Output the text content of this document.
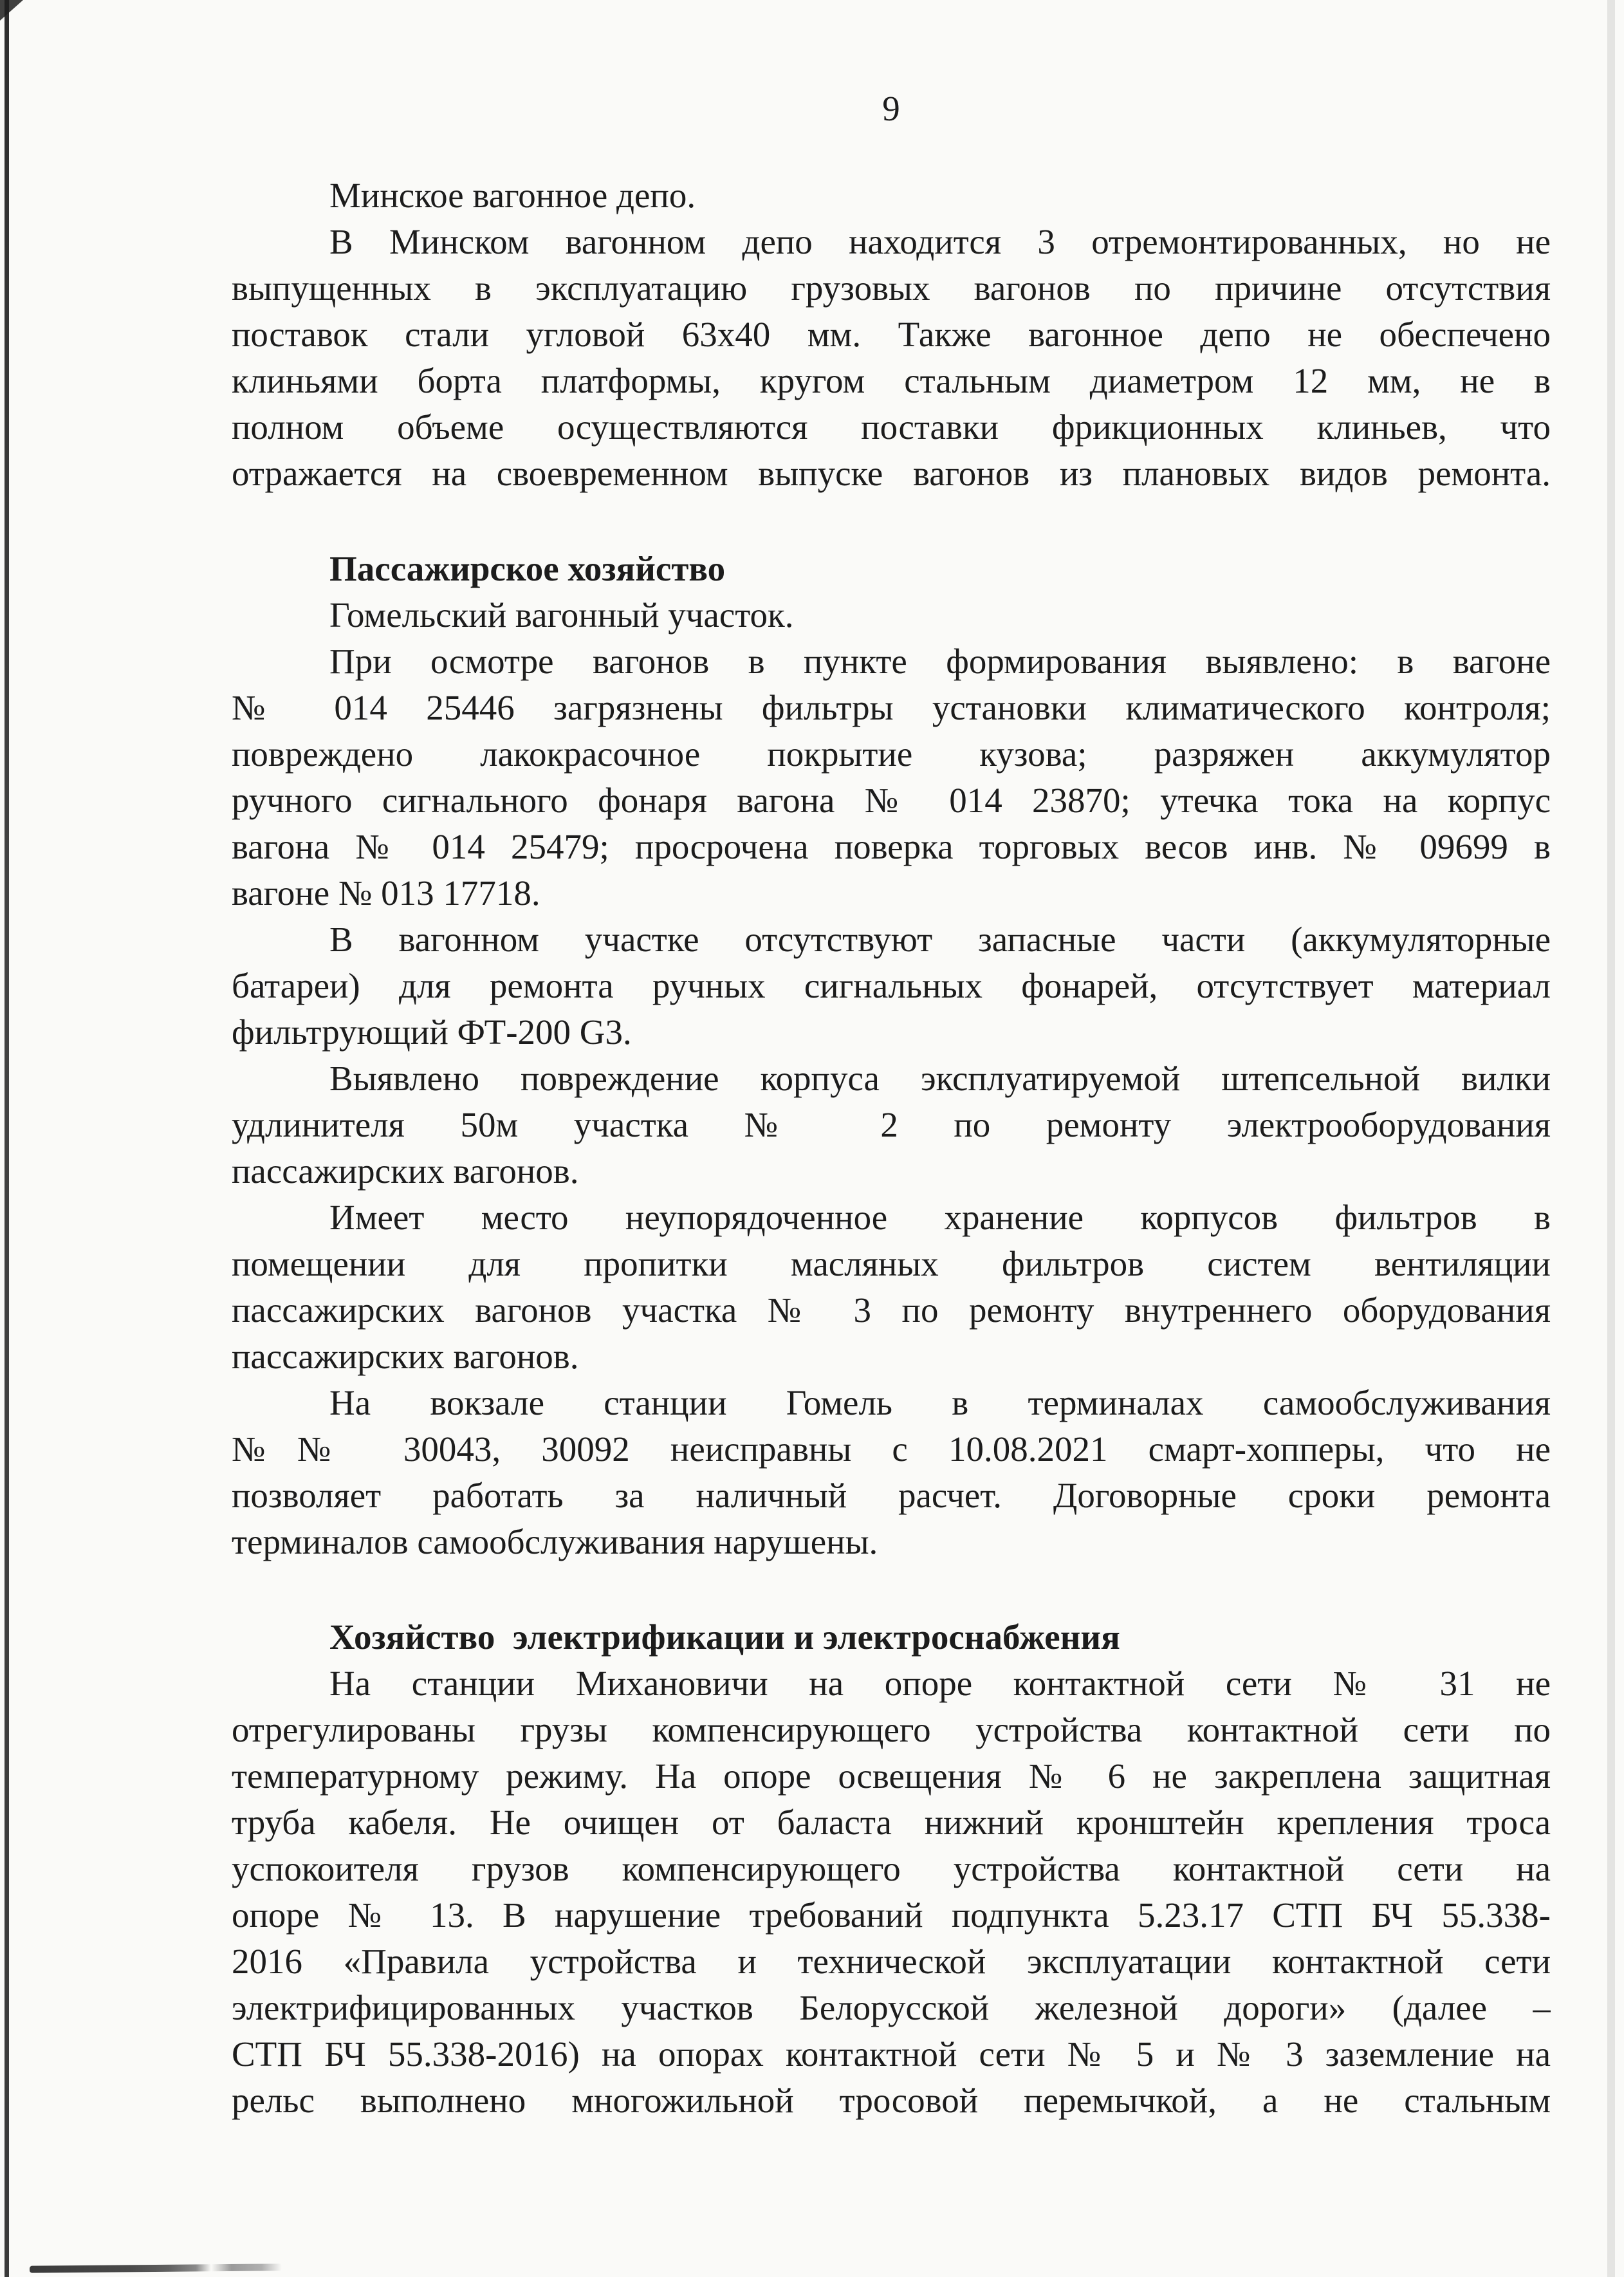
9
Минское вагонное депо.
В Минском вагонном депо находится 3 отремонтированных, но не
выпущенных в эксплуатацию грузовых вагонов по причине отсутствия
поставок стали угловой 63х40 мм. Также вагонное депо не обеспечено
клиньями борта платформы, кругом стальным диаметром 12 мм, не в
полном объеме осуществляются поставки фрикционных клиньев, что
отражается на своевременном выпуске вагонов из плановых видов ремонта.
Пассажирское хозяйство
Гомельский вагонный участок.
При осмотре вагонов в пункте формирования выявлено: в вагоне
№ 014 25446 загрязнены фильтры установки климатического контроля;
повреждено лакокрасочное покрытие кузова; разряжен аккумулятор
ручного сигнального фонаря вагона № 014 23870; утечка тока на корпус
вагона № 014 25479; просрочена поверка торговых весов инв. № 09699 в
вагоне № 013 17718.
В вагонном участке отсутствуют запасные части (аккумуляторные
батареи) для ремонта ручных сигнальных фонарей, отсутствует материал
фильтрующий ФТ-200 G3.
Выявлено повреждение корпуса эксплуатируемой штепсельной вилки
удлинителя 50м участка № 2 по ремонту электрооборудования
пассажирских вагонов.
Имеет место неупорядоченное хранение корпусов фильтров в
помещении для пропитки масляных фильтров систем вентиляции
пассажирских вагонов участка № 3 по ремонту внутреннего оборудования
пассажирских вагонов.
На вокзале станции Гомель в терминалах самообслуживания
№№ 30043, 30092 неисправны с 10.08.2021 смарт-хопперы, что не
позволяет работать за наличный расчет. Договорные сроки ремонта
терминалов самообслуживания нарушены.
Хозяйство  электрификации и электроснабжения
На станции Михановичи на опоре контактной сети № 31 не
отрегулированы грузы компенсирующего устройства контактной сети по
температурному режиму. На опоре освещения № 6 не закреплена защитная
труба кабеля. Не очищен от баласта нижний кронштейн крепления троса
успокоителя грузов компенсирующего устройства контактной сети на
опоре № 13. В нарушение требований подпункта 5.23.17 СТП БЧ 55.338-
2016 «Правила устройства и технической эксплуатации контактной сети
электрифицированных участков Белорусской железной дороги» (далее –
СТП БЧ 55.338-2016) на опорах контактной сети № 5 и № 3 заземление на
рельс выполнено многожильной тросовой перемычкой, а не стальным
